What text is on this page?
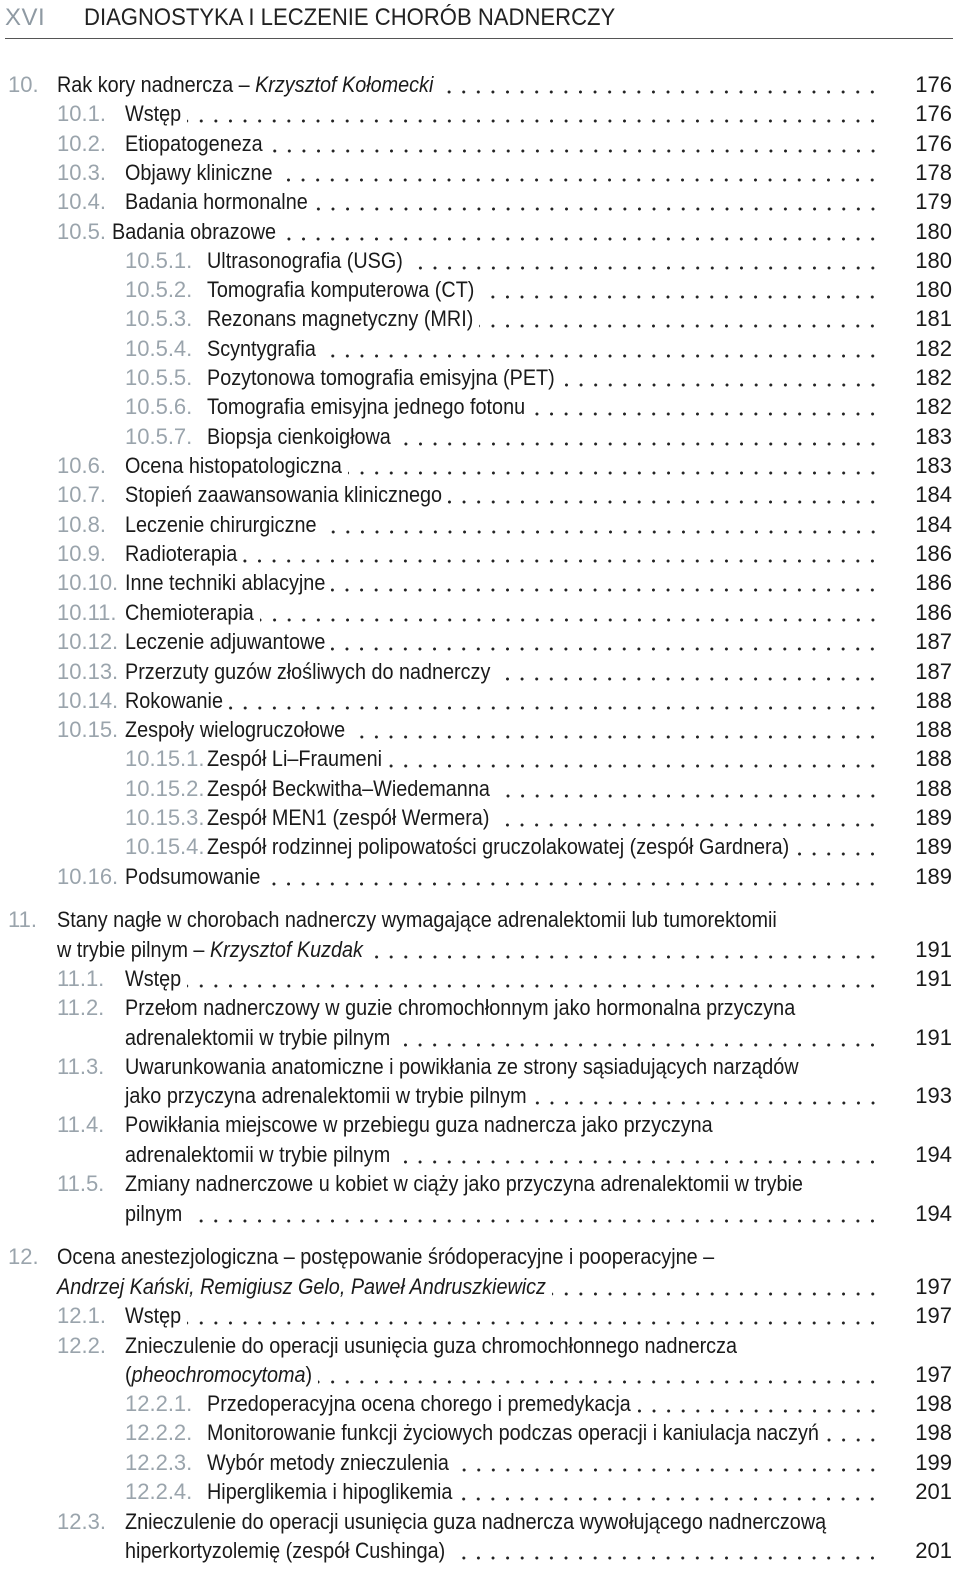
XVI DIAGNOSTYKA I LECZENIE CHORÓB NADNERCZY
10. Rak kory nadnercza – Krzysztof Kołomecki	176
10.1. Wstęp	176
10.2. Etiopatogeneza	176
10.3. Objawy kliniczne	178
10.4. Badania hormonalne	179
10.5. Badania obrazowe	180
10.5.1. Ultrasonografia (USG)	180
10.5.2. Tomografia komputerowa (CT)	180
10.5.3. Rezonans magnetyczny (MRI)	181
10.5.4. Scyntygrafia	182
10.5.5. Pozytonowa tomografia emisyjna (PET)	182
10.5.6. Tomografia emisyjna jednego fotonu	182
10.5.7. Biopsja cienkoigłowa	183
10.6. Ocena histopatologiczna	183
10.7. Stopień zaawansowania klinicznego	184
10.8. Leczenie chirurgiczne	184
10.9. Radioterapia	186
10.10. Inne techniki ablacyjne	186
10.11. Chemioterapia	186
10.12. Leczenie adjuwantowe	187
10.13. Przerzuty guzów złośliwych do nadnerczy	187
10.14. Rokowanie	188
10.15. Zespoły wielogruczołowe	188
10.15.1. Zespół Li–Fraumeni	188
10.15.2. Zespół Beckwitha–Wiedemanna	188
10.15.3. Zespół MEN1 (zespół Wermera)	189
10.15.4. Zespół rodzinnej polipowatości gruczolakowatej (zespół Gardnera)	189
10.16. Podsumowanie	189
11. Stany nagłe w chorobach nadnerczy wymagające adrenalektomii lub tumorektomii
w trybie pilnym – Krzysztof Kuzdak	191
11.1. Wstęp	191
11.2. Przełom nadnerczowy w guzie chromochłonnym jako hormonalna przyczyna
adrenalektomii w trybie pilnym	191
11.3. Uwarunkowania anatomiczne i powikłania ze strony sąsiadujących narządów
jako przyczyna adrenalektomii w trybie pilnym	193
11.4. Powikłania miejscowe w przebiegu guza nadnercza jako przyczyna
adrenalektomii w trybie pilnym	194
11.5. Zmiany nadnerczowe u kobiet w ciąży jako przyczyna adrenalektomii w trybie
pilnym	194
12. Ocena anestezjologiczna – postępowanie śródoperacyjne i pooperacyjne –
Andrzej Kański, Remigiusz Gelo, Paweł Andruszkiewicz	197
12.1. Wstęp	197
12.2. Znieczulenie do operacji usunięcia guza chromochłonnego nadnercza
(pheochromocytoma)	197
12.2.1. Przedoperacyjna ocena chorego i premedykacja	198
12.2.2. Monitorowanie funkcji życiowych podczas operacji i kaniulacja naczyń	198
12.2.3. Wybór metody znieczulenia	199
12.2.4. Hiperglikemia i hipoglikemia	201
12.3. Znieczulenie do operacji usunięcia guza nadnercza wywołującego nadnerczową
hiperkortyzolemię (zespół Cushinga)	201
